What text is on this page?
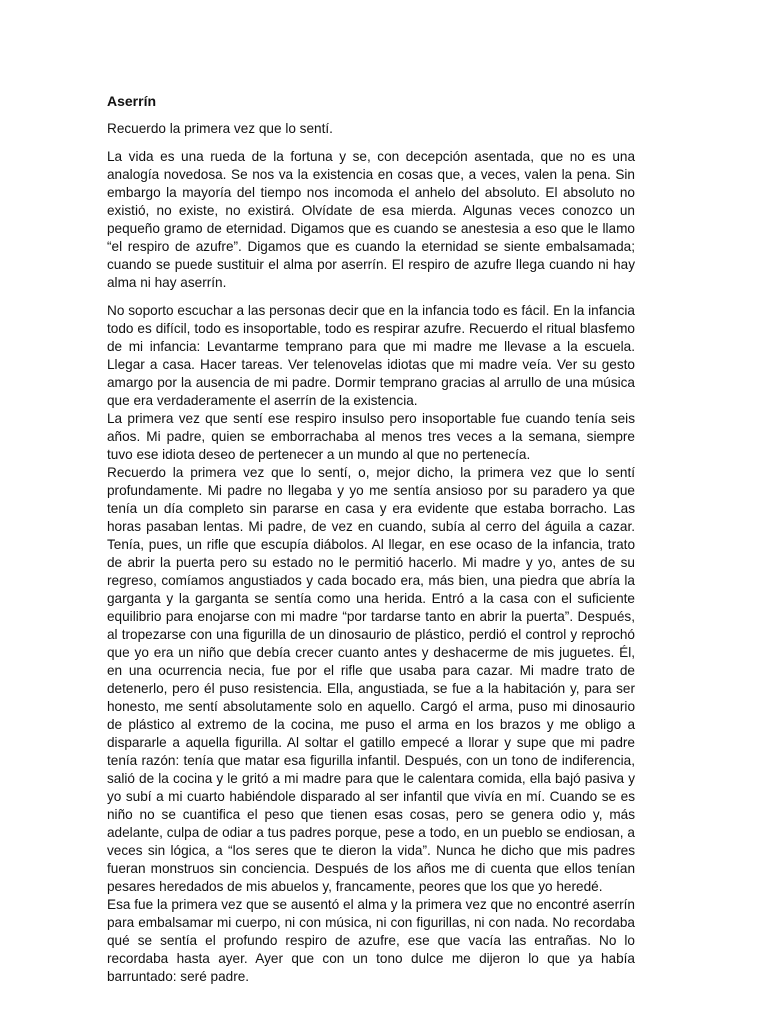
Aserrín

Recuerdo la primera vez que lo sentí.

La vida es una rueda de la fortuna y se, con decepción asentada, que no es una analogía novedosa. Se nos va la existencia en cosas que, a veces, valen la pena. Sin embargo la mayoría del tiempo nos incomoda el anhelo del absoluto. El absoluto no existió, no existe, no existirá. Olvídate de esa mierda. Algunas veces conozco un pequeño gramo de eternidad. Digamos que es cuando se anestesia a eso que le llamo “el respiro de azufre”. Digamos que es cuando la eternidad se siente embalsamada; cuando se puede sustituir el alma por aserrín. El respiro de azufre llega cuando ni hay alma ni hay aserrín.

No soporto escuchar a las personas decir que en la infancia todo es fácil. En la infancia todo es difícil, todo es insoportable, todo es respirar azufre. Recuerdo el ritual blasfemo de mi infancia: Levantarme temprano para que mi madre me llevase a la escuela. Llegar a casa. Hacer tareas. Ver telenovelas idiotas que mi madre veía. Ver su gesto amargo por la ausencia de mi padre. Dormir temprano gracias al arrullo de una música que era verdaderamente el aserrín de la existencia.

La primera vez que sentí ese respiro insulso pero insoportable fue cuando tenía seis años. Mi padre, quien se emborrachaba al menos tres veces a la semana, siempre tuvo ese idiota deseo de pertenecer a un mundo al que no pertenecía.

Recuerdo la primera vez que lo sentí, o, mejor dicho, la primera vez que lo sentí profundamente. Mi padre no llegaba y yo me sentía ansioso por su paradero ya que tenía un día completo sin pararse en casa y era evidente que estaba borracho. Las horas pasaban lentas. Mi padre, de vez en cuando, subía al cerro del águila a cazar. Tenía, pues, un rifle que escupía diábolos. Al llegar, en ese ocaso de la infancia, trato de abrir la puerta pero su estado no le permitió hacerlo. Mi madre y yo, antes de su regreso, comíamos angustiados y cada bocado era, más bien, una piedra que abría la garganta y la garganta se sentía como una herida. Entró a la casa con el suficiente equilibrio para enojarse con mi madre “por tardarse tanto en abrir la puerta”. Después, al tropezarse con una figurilla de un dinosaurio de plástico, perdió el control y reprochó que yo era un niño que debía crecer cuanto antes y deshacerme de mis juguetes. Él, en una ocurrencia necia, fue por el rifle que usaba para cazar. Mi madre trato de detenerlo, pero él puso resistencia. Ella, angustiada, se fue a la habitación y, para ser honesto, me sentí absolutamente solo en aquello. Cargó el arma, puso mi dinosaurio de plástico al extremo de la cocina, me puso el arma en los brazos y me obligo a dispararle a aquella figurilla. Al soltar el gatillo empecé a llorar y supe que mi padre tenía razón: tenía que matar esa figurilla infantil. Después, con un tono de indiferencia, salió de la cocina y le gritó a mi madre para que le calentara comida, ella bajó pasiva y yo subí a mi cuarto habiéndole disparado al ser infantil que vivía en mí. Cuando se es niño no se cuantifica el peso que tienen esas cosas, pero se genera odio y, más adelante, culpa de odiar a tus padres porque, pese a todo, en un pueblo se endiosan, a veces sin lógica, a “los seres que te dieron la vida”. Nunca he dicho que mis padres fueran monstruos sin conciencia. Después de los años me di cuenta que ellos tenían pesares heredados de mis abuelos y, francamente, peores que los que yo heredé.

Esa fue la primera vez que se ausentó el alma y la primera vez que no encontré aserrín para embalsamar mi cuerpo, ni con música, ni con figurillas, ni con nada. No recordaba qué se sentía el profundo respiro de azufre, ese que vacía las entrañas. No lo recordaba hasta ayer. Ayer que con un tono dulce me dijeron lo que ya había barruntado: seré padre.
